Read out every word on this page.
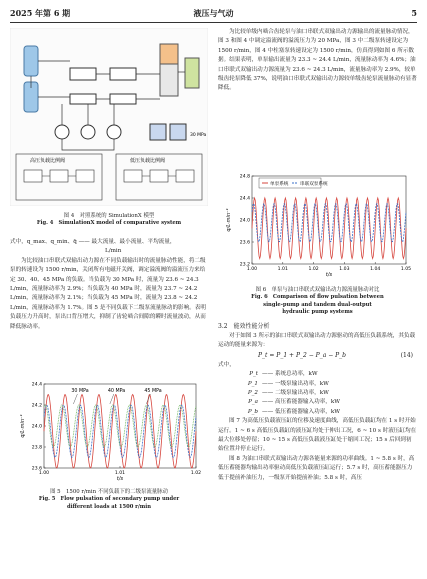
2025 年第 6 期	液压与气动	5
30 MPa
高压负载比例阀	低压负载比例阀
图 4　对照系统的 SimulationX 模型
Fig. 4　SimulationX model of comparative system

式中，q_max、q_min、q̄ —— 最大流量、最小流量、平均流量，

L/min

为比较油口串联式双输出动力源在不同负载输出时的流量脉动性能，将二级泵的转速设为 1500 r/min，关闭所有电磁开关阀，调定溢流阀的溢流压力来给定 30、40、45 MPa 的负载。当负载为 30 MPa 时，流量为 23.6 ~ 24.3 L/min，流量脉动率为 2.9%；当负载为 40 MPa 时，流量为 23.7 ~ 24.2 L/min，流量脉动率为 2.1%；当负载为 45 MPa 时，流量为 23.8 ~ 24.2 L/min，流量脉动率为 1.7%。图 5 是不同负载下二级泵流量脉动的影响。表明负载压力升高时，泵出口背压增大，抑制了齿轮啮合间隙的瞬时流量波动，从而降低脉动率。

23.6
23.8
24.0
24.2
24.4
1.00	1.01	1.02
t/s
q/L·min⁻¹
30 MPa	40 MPa	45 MPa
图 5　1500 r/min 不同负载下的二级泵流量脉动
Fig. 5　Flow pulsation of secondary pump under
different loads at 1500 r/min

为比较单级内啮合齿轮泵与油口串联式双输出动力源输出的流量脉动情况，图 3 和图 4 中调定溢流阀的溢流压力为 20 MPa，图 3 中二级泵转速设定为 1500 r/min，图 4 中柱塞泵转速设定为 1500 r/min，仿真得到如图 6 所示数据。结果表明，单泵输出流量为 23.3 ~ 24.4 L/min，流量脉动率为 4.6%；油口串联式双输出动力源流量为 23.6 ~ 24.3 L/min，流量脉动率为 2.9%，较单级齿轮泵降低 37%，说明油口串联式双输出动力源较单级齿轮泵流量脉动有显著降低。

23.2
23.6
24.0
24.4
24.8
1.00	1.01	1.02	1.03	1.04	1.05
t/s
q/L·min⁻¹
单泵系统	串联双泵系统
图 6　单泵与油口串联式双输出动力源流量脉动对比
Fig. 6　Comparison of flow pulsation between
single-pump and tandem dual-output
hydraulic pump systems
3.2　能效性能分析

对于如图 3 所示的油口串联式双输出动力源驱动的高低压负载系统，其负载运动的能量来源为：

P_t = P_1 + P_2 − P_a − P_b	(14)
式中，
P_t —— 系统总功率，kW
P_1 —— 一级泵输出功率，kW
P_2 —— 二级泵输出功率，kW
P_a —— 高压蓄能器输入功率，kW
P_b —— 低压蓄能器输入功率，kW

图 7 为高低压负载液压缸的位移及速度曲线，高低压负载缸均在 1 s 时开始运行。1 ~ 6 s 高低压负载缸的液压缸均处于伸出工况，6 ~ 10 s 时液压缸均在最大位移处停留；10 ~ 15 s 高低压负载液压缸处于缩回工况；15 s 后回到初始位置并停止运行。

图 8 为油口串联式双输出动力源各能量来源的功率曲线。1 ~ 5.8 s 时，高低压蓄能器均输出功率驱动高低压负载液压缸运行；5.7 s 时，高压蓄能器压力低于提前补油压力，一级泵开始提前补油；5.8 s 时，高压
